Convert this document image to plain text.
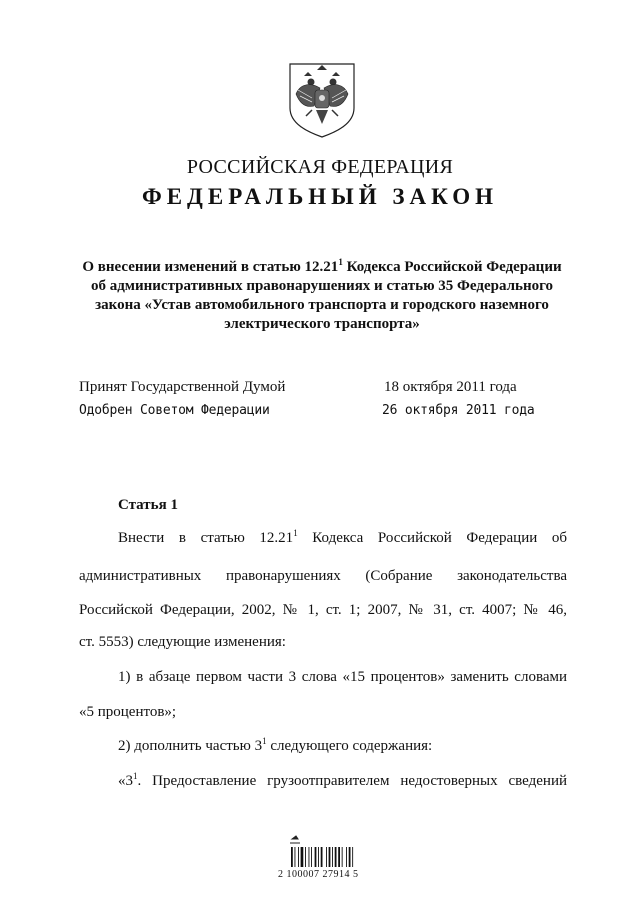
РОССИЙСКАЯ ФЕДЕРАЦИЯ
ФЕДЕРАЛЬНЫЙ ЗАКОН
О внесении изменений в статью 12.21$^1$ Кодекса Российской Федерации
об административных правонарушениях и статью 35 Федерального
закона «Устав автомобильного транспорта и городского наземного
электрического транспорта»
Принят Государственной Думой	18 октября 2011 года
Одобрен Советом Федерации	26 октября 2011 года
Статья 1
Внести в статью 12.21$^1$ Кодекса Российской Федерации об
административных правонарушениях (Собрание законодательства
Российской Федерации, 2002, № 1, ст. 1; 2007, № 31, ст. 4007; № 46,
ст. 5553) следующие изменения:
1) в абзаце первом части 3 слова «15 процентов» заменить словами
«5 процентов»;
2) дополнить частью $3^1$ следующего содержания:
«$3^1$. Предоставление грузоотправителем недостоверных сведений
2 100007 27914 5
